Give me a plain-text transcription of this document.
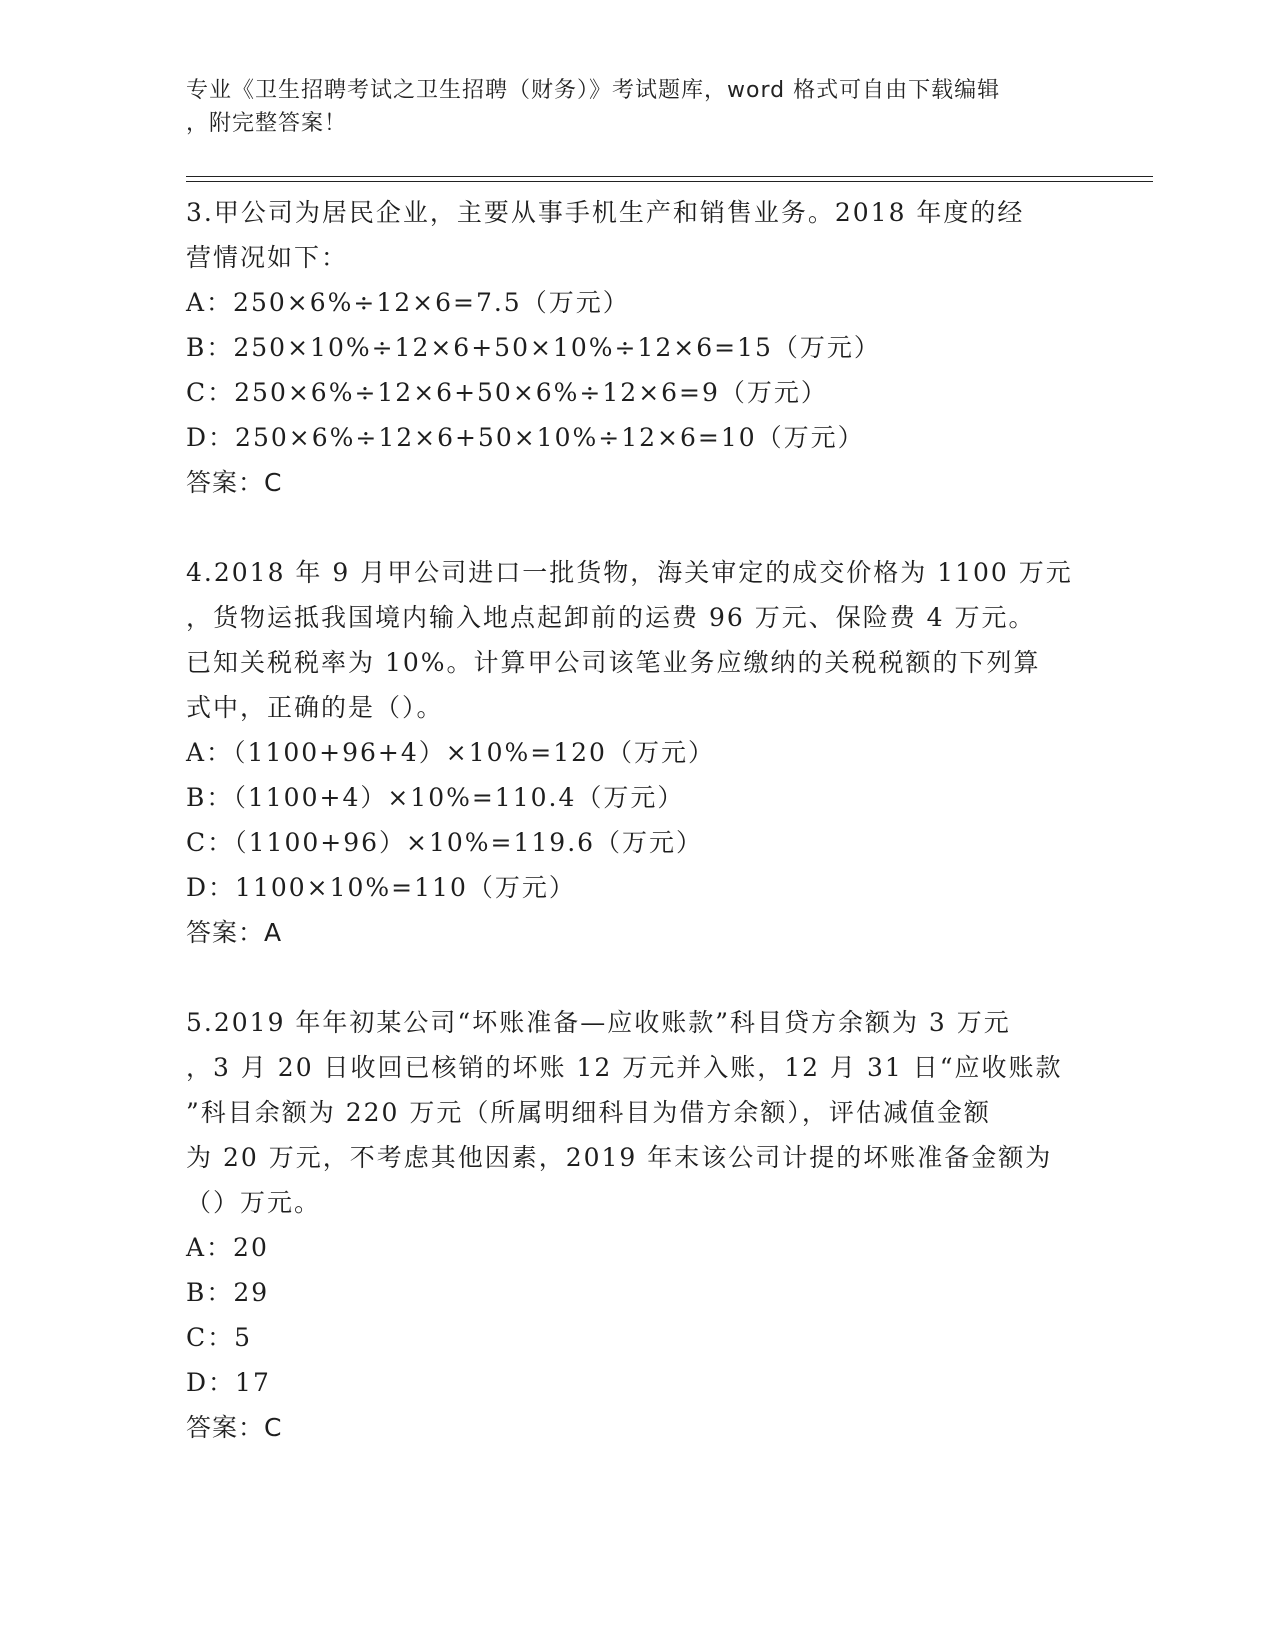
专业《卫生招聘考试之卫生招聘（财务）》考试题库，word 格式可自由下载编辑
，附完整答案！
3.甲公司为居民企业，主要从事手机生产和销售业务。2018 年度的经
营情况如下：
A：250×6%÷12×6=7.5（万元）
B：250×10%÷12×6+50×10%÷12×6=15（万元）
C：250×6%÷12×6+50×6%÷12×6=9（万元）
D：250×6%÷12×6+50×10%÷12×6=10（万元）
答案：C
4.2018 年 9 月甲公司进口一批货物，海关审定的成交价格为 1100 万元
，货物运抵我国境内输入地点起卸前的运费 96 万元、保险费 4 万元。
已知关税税率为 10%。计算甲公司该笔业务应缴纳的关税税额的下列算
式中，正确的是（）。
A：（1100+96+4）×10%=120（万元）
B：（1100+4）×10%=110.4（万元）
C：（1100+96）×10%=119.6（万元）
D：1100×10%=110（万元）
答案：A
5.2019 年年初某公司“坏账准备—应收账款”科目贷方余额为 3 万元
，3 月 20 日收回已核销的坏账 12 万元并入账，12 月 31 日“应收账款
”科目余额为 220 万元（所属明细科目为借方余额），评估减值金额
为 20 万元，不考虑其他因素，2019 年末该公司计提的坏账准备金额为
（）万元。
A：20
B：29
C：5
D：17
答案：C
